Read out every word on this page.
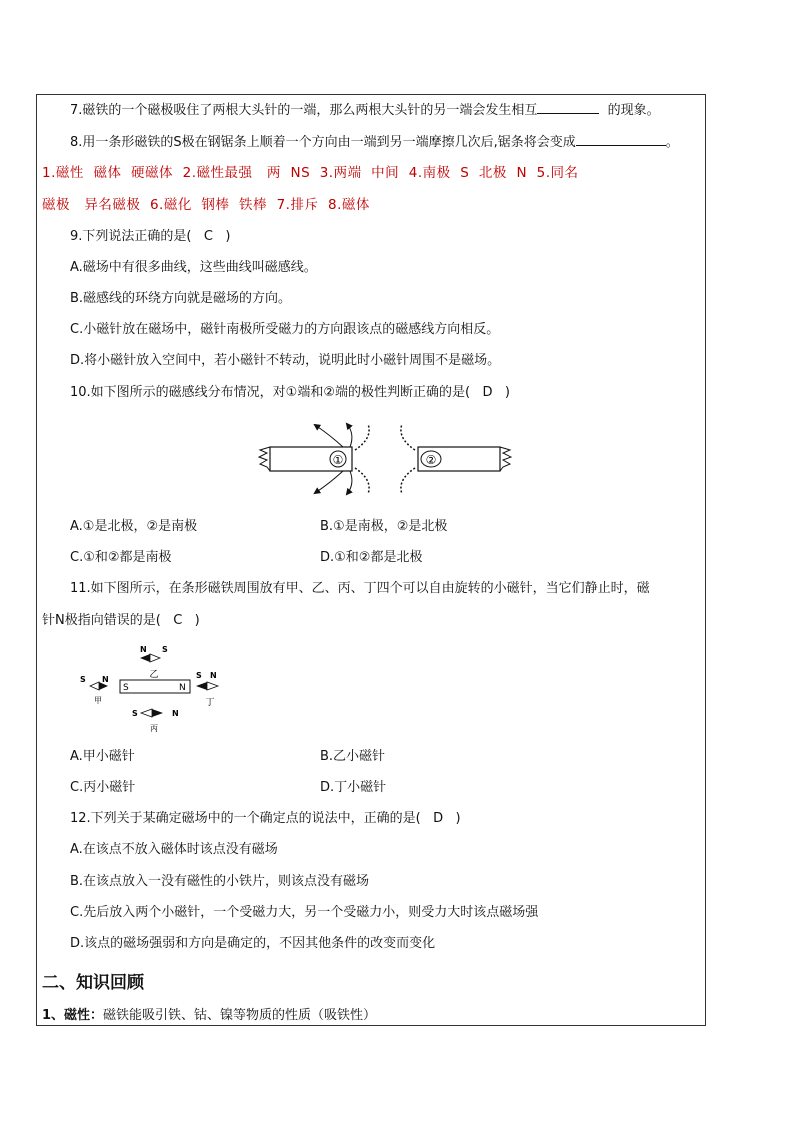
7.磁铁的一个磁极吸住了两根大头针的一端，那么两根大头针的另一端会发生相互	的现象。
8.用一条形磁铁的S极在钢锯条上顺着一个方向由一端到另一端摩擦几次后,锯条将会变成	。
1.磁性  磁体  硬磁体  2.磁性最强   两  NS  3.两端  中间  4.南极  S  北极  N  5.同名
磁极   异名磁极  6.磁化  钢棒  铁棒  7.排斥  8.磁体
9.下列说法正确的是(   C   )
A.磁场中有很多曲线，这些曲线叫磁感线。
B.磁感线的环绕方向就是磁场的方向。
C.小磁针放在磁场中，磁针南极所受磁力的方向跟该点的磁感线方向相反。
D.将小磁针放入空间中，若小磁针不转动，说明此时小磁针周围不是磁场。
10.如下图所示的磁感线分布情况，对①端和②端的极性判断正确的是(   D   )
①	②
A.①是北极，②是南极	B.①是南极，②是北极
C.①和②都是南极	D.①和②都是北极
11.如下图所示，在条形磁铁周围放有甲、乙、丙、丁四个可以自由旋转的小磁针，当它们静止时，磁
针N极指向错误的是(   C   )
N S
乙
S	N
S N
甲
S N
丁
S	N
丙
A.甲小磁针	B.乙小磁针
C.丙小磁针	D.丁小磁针
12.下列关于某确定磁场中的一个确定点的说法中，正确的是(   D   )
A.在该点不放入磁体时该点没有磁场
B.在该点放入一没有磁性的小铁片，则该点没有磁场
C.先后放入两个小磁针，一个受磁力大，另一个受磁力小，则受力大时该点磁场强
D.该点的磁场强弱和方向是确定的，不因其他条件的改变而变化
二、知识回顾
1、磁性：磁铁能吸引铁、钴、镍等物质的性质（吸铁性）
